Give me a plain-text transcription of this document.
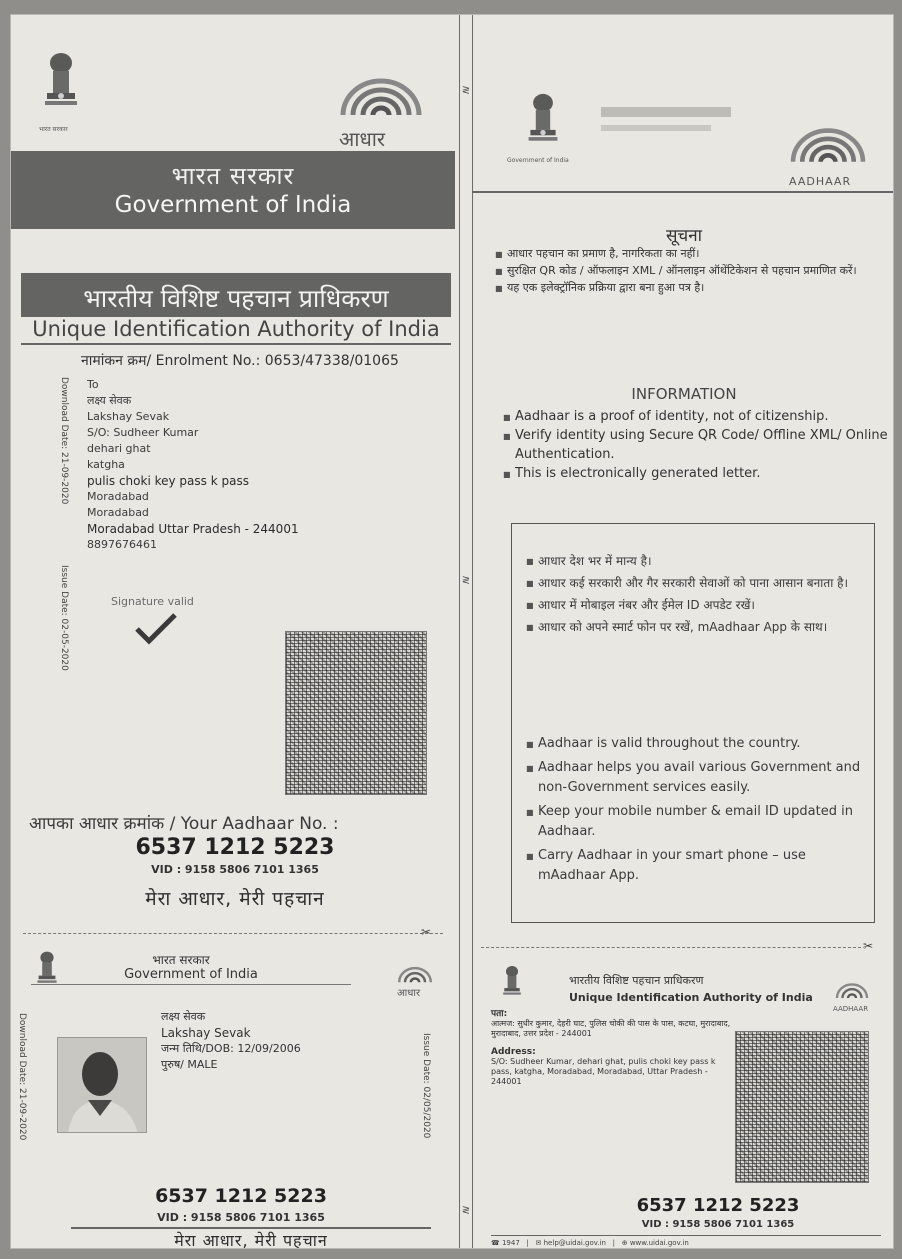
भारत सरकार	आधार
भारत सरकार
Government of India
भारतीय विशिष्ट पहचान प्राधिकरण
Unique Identification Authority of India
नामांकन क्रम/ Enrolment No.: 0653/47338/01065
Download Date: 21-09-2020
Issue Date: 02-05-2020
To
लक्ष्य सेवक
Lakshay Sevak
S/O: Sudheer Kumar
dehari ghat
katgha
pulis choki key pass k pass
Moradabad
Moradabad
Moradabad Uttar Pradesh - 244001
8897676461
Signature valid
आपका आधार क्रमांक / Your Aadhaar No. :
6537 1212 5223
VID : 9158 5806 7101 1365
मेरा आधार, मेरी पहचान
≷
≷
≷
Government of India
AADHAAR
सूचना
■ आधार पहचान का प्रमाण है, नागरिकता का नहीं।
■ सुरक्षित QR कोड / ऑफलाइन XML / ऑनलाइन ऑथेंटिकेशन से पहचान प्रमाणित करें।
■ यह एक इलेक्ट्रॉनिक प्रक्रिया द्वारा बना हुआ पत्र है।
INFORMATION
■ Aadhaar is a proof of identity, not of citizenship.
■ Verify identity using Secure QR Code/ Offline XML/ Online Authentication.
■ This is electronically generated letter.
■ आधार देश भर में मान्य है।
■ आधार कई सरकारी और गैर सरकारी सेवाओं को पाना आसान बनाता है।
■ आधार में मोबाइल नंबर और ईमेल ID अपडेट रखें।
■ आधार को अपने स्मार्ट फोन पर रखें, mAadhaar App के साथ।
■ Aadhaar is valid throughout the country.
■ Aadhaar helps you avail various Government and non-Government services easily.
■ Keep your mobile number & email ID updated in Aadhaar.
■ Carry Aadhaar in your smart phone – use mAadhaar App.
✂
✂
भारत सरकार
Government of India
आधार
Download Date: 21-09-2020	Issue Date: 02/05/2020
लक्ष्य सेवक
Lakshay Sevak
जन्म तिथि/DOB: 12/09/2006
पुरुष/ MALE
6537 1212 5223
VID : 9158 5806 7101 1365
मेरा आधार, मेरी पहचान
भारतीय विशिष्ट पहचान प्राधिकरण
Unique Identification Authority of India
AADHAAR
पता:
आत्मज: सुधीर कुमार, देहरी घाट, पुलिस चोकी की पास के पास, कटघा, मुरादाबाद, मुरादाबाद, उत्तर प्रदेश - 244001
Address:
S/O: Sudheer Kumar, dehari ghat, pulis choki key pass k pass, katgha, Moradabad, Moradabad, Uttar Pradesh - 244001
6537 1212 5223
VID : 9158 5806 7101 1365
☎ 1947   |   ✉ help@uidai.gov.in   |   ⊕ www.uidai.gov.in
